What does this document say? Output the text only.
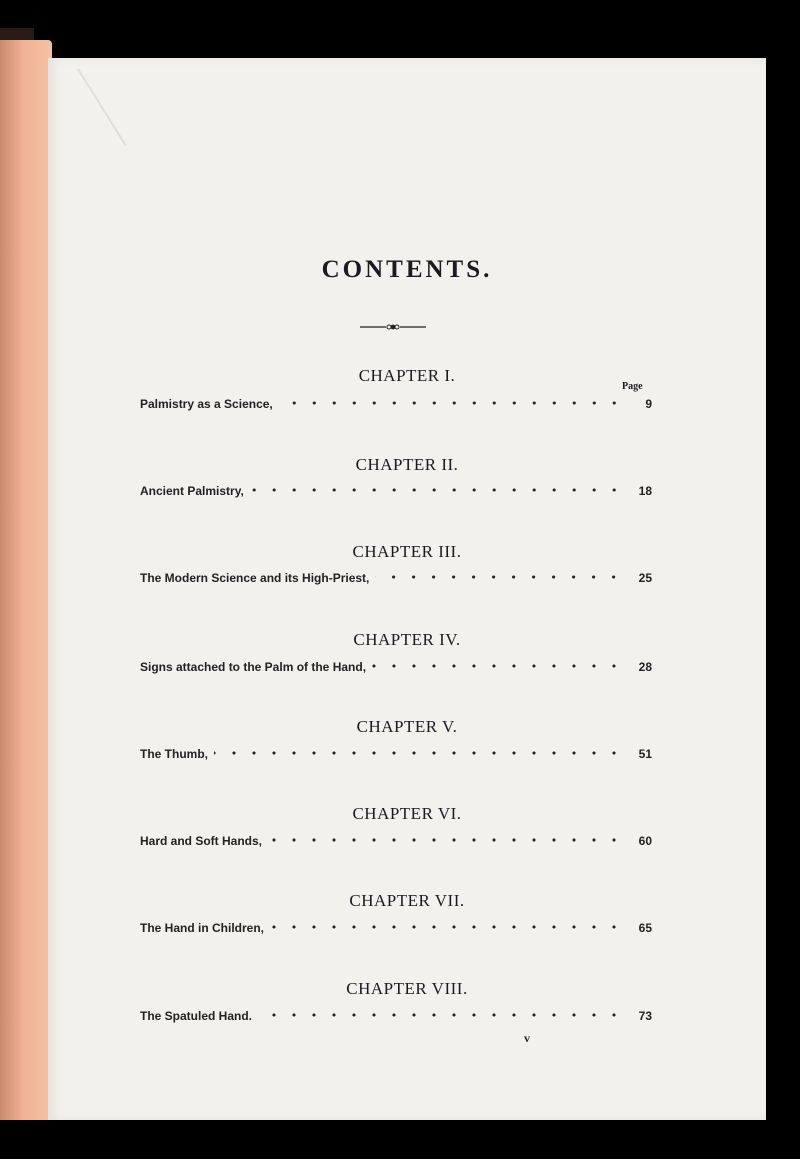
CONTENTS.
Page
CHAPTER I.
Palmistry as a Science,	9
CHAPTER II.
Ancient Palmistry,	18
CHAPTER III.
The Modern Science and its High-Priest,	25
CHAPTER IV.
Signs attached to the Palm of the Hand,	28
CHAPTER V.
The Thumb,	51
CHAPTER VI.
Hard and Soft Hands,	60
CHAPTER VII.
The Hand in Children,	65
CHAPTER VIII.
The Spatuled Hand.	73
v
